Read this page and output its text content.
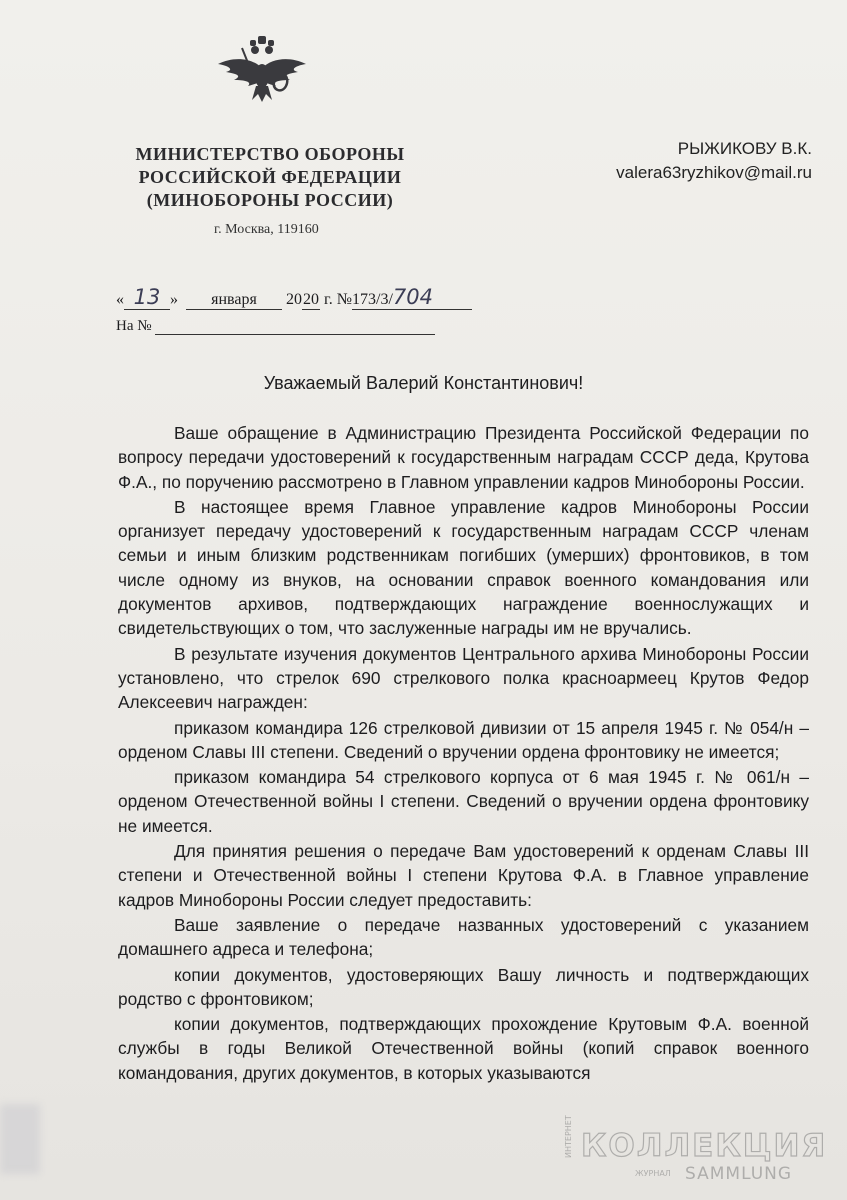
МИНИСТЕРСТВО ОБОРОНЫ
РОССИЙСКОЙ ФЕДЕРАЦИИ
(МИНОБОРОНЫ РОССИИ)
г. Москва, 119160
РЫЖИКОВУ В.К.
valera63ryzhikov@mail.ru
« 13 » января 2020 г. №173/3/704
На №
Уважаемый Валерий Константинович!

Ваше обращение в Администрацию Президента Российской Федерации по вопросу передачи удостоверений к государственным наградам СССР деда, Крутова Ф.А., по поручению рассмотрено в Главном управлении кадров Минобороны России.

В настоящее время Главное управление кадров Минобороны России организует передачу удостоверений к государственным наградам СССР членам семьи и иным близким родственникам погибших (умерших) фронтовиков, в том числе одному из внуков, на основании справок военного командования или документов архивов, подтверждающих награждение военнослужащих и свидетельствующих о том, что заслуженные награды им не вручались.

В результате изучения документов Центрального архива Минобороны России установлено, что стрелок 690 стрелкового полка красноармеец Крутов Федор Алексеевич награжден:

приказом командира 126 стрелковой дивизии от 15 апреля 1945 г. № 054/н – орденом Славы III степени. Сведений о вручении ордена фронтовику не имеется;

приказом командира 54 стрелкового корпуса от 6 мая 1945 г. № 061/н – орденом Отечественной войны I степени. Сведений о вручении ордена фронтовику не имеется.

Для принятия решения о передаче Вам удостоверений к орденам Славы III степени и Отечественной войны I степени Крутова Ф.А. в Главное управление кадров Минобороны России следует предоставить:

Ваше заявление о передаче названных удостоверений с указанием домашнего адреса и телефона;

копии документов, удостоверяющих Вашу личность и подтверждающих родство с фронтовиком;

копии документов, подтверждающих прохождение Крутовым Ф.А. военной службы в годы Великой Отечественной войны (копий справок военного командования, других документов, в которых указываются

ИНТЕРНЕТ КОЛЛЕКЦИЯ
ЖУРНАЛ SAMMLUNG
